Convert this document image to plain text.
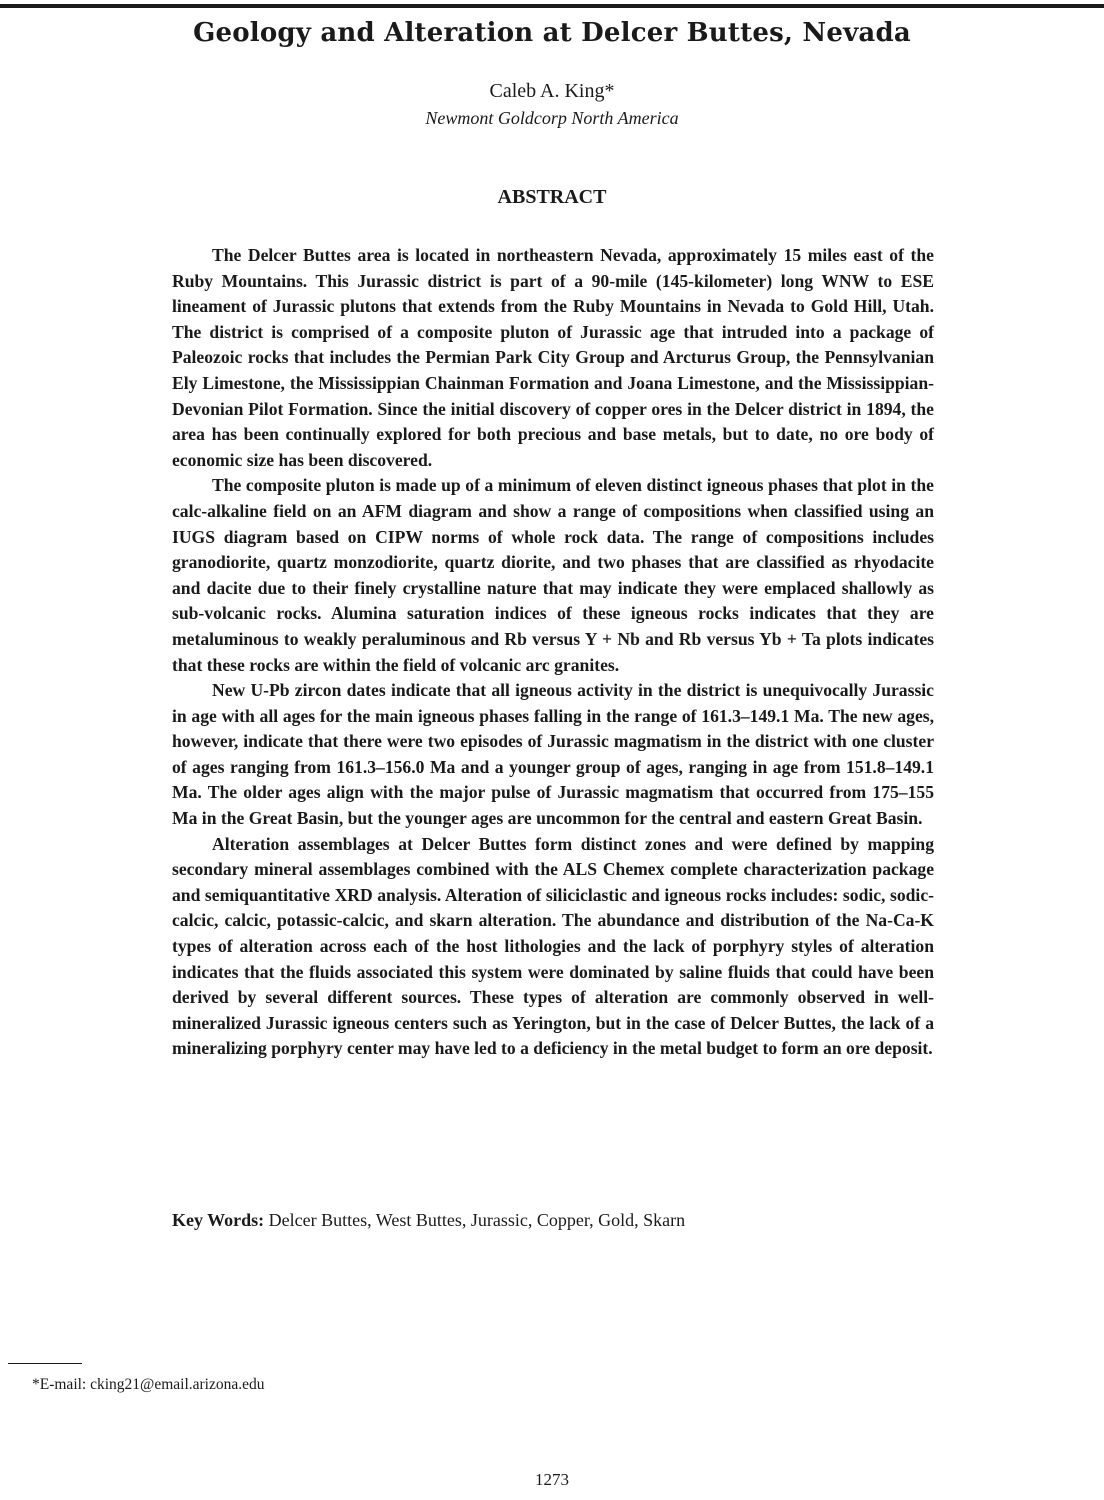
Geology and Alteration at Delcer Buttes, Nevada
Caleb A. King*
Newmont Goldcorp North America
ABSTRACT

The Delcer Buttes area is located in northeastern Nevada, approximately 15 miles east of the Ruby Mountains. This Jurassic district is part of a 90-mile (145-kilometer) long WNW to ESE lineament of Jurassic plutons that extends from the Ruby Mountains in Nevada to Gold Hill, Utah. The district is comprised of a composite pluton of Jurassic age that intruded into a package of Paleozoic rocks that includes the Permian Park City Group and Arcturus Group, the Pennsylvanian Ely Limestone, the Mississippian Chainman Formation and Joana Limestone, and the Mississippian-Devonian Pilot Formation. Since the initial discovery of copper ores in the Delcer district in 1894, the area has been continually explored for both precious and base metals, but to date, no ore body of economic size has been discovered.

The composite pluton is made up of a minimum of eleven distinct igneous phases that plot in the calc-alkaline field on an AFM diagram and show a range of compositions when classified using an IUGS diagram based on CIPW norms of whole rock data. The range of compositions includes granodiorite, quartz monzodiorite, quartz diorite, and two phases that are classified as rhyodacite and dacite due to their finely crystalline nature that may indicate they were emplaced shallowly as sub-volcanic rocks. Alumina saturation indices of these igneous rocks indicates that they are metaluminous to weakly peraluminous and Rb versus Y + Nb and Rb versus Yb + Ta plots indicates that these rocks are within the field of volcanic arc granites.

New U-Pb zircon dates indicate that all igneous activity in the district is unequivocally Jurassic in age with all ages for the main igneous phases falling in the range of 161.3–149.1 Ma. The new ages, however, indicate that there were two episodes of Jurassic magmatism in the district with one cluster of ages ranging from 161.3–156.0 Ma and a younger group of ages, ranging in age from 151.8–149.1 Ma. The older ages align with the major pulse of Jurassic magmatism that occurred from 175–155 Ma in the Great Basin, but the younger ages are uncommon for the central and eastern Great Basin.

Alteration assemblages at Delcer Buttes form distinct zones and were defined by mapping secondary mineral assemblages combined with the ALS Chemex complete characterization package and semiquantitative XRD analysis. Alteration of siliciclastic and igneous rocks includes: sodic, sodic-calcic, calcic, potassic-calcic, and skarn alteration. The abundance and distribution of the Na-Ca-K types of alteration across each of the host lithologies and the lack of porphyry styles of alteration indicates that the fluids associated this system were dominated by saline fluids that could have been derived by several different sources. These types of alteration are commonly observed in well-mineralized Jurassic igneous centers such as Yerington, but in the case of Delcer Buttes, the lack of a mineralizing porphyry center may have led to a deficiency in the metal budget to form an ore deposit.

Key Words: Delcer Buttes, West Buttes, Jurassic, Copper, Gold, Skarn
*E-mail: cking21@email.arizona.edu
1273
